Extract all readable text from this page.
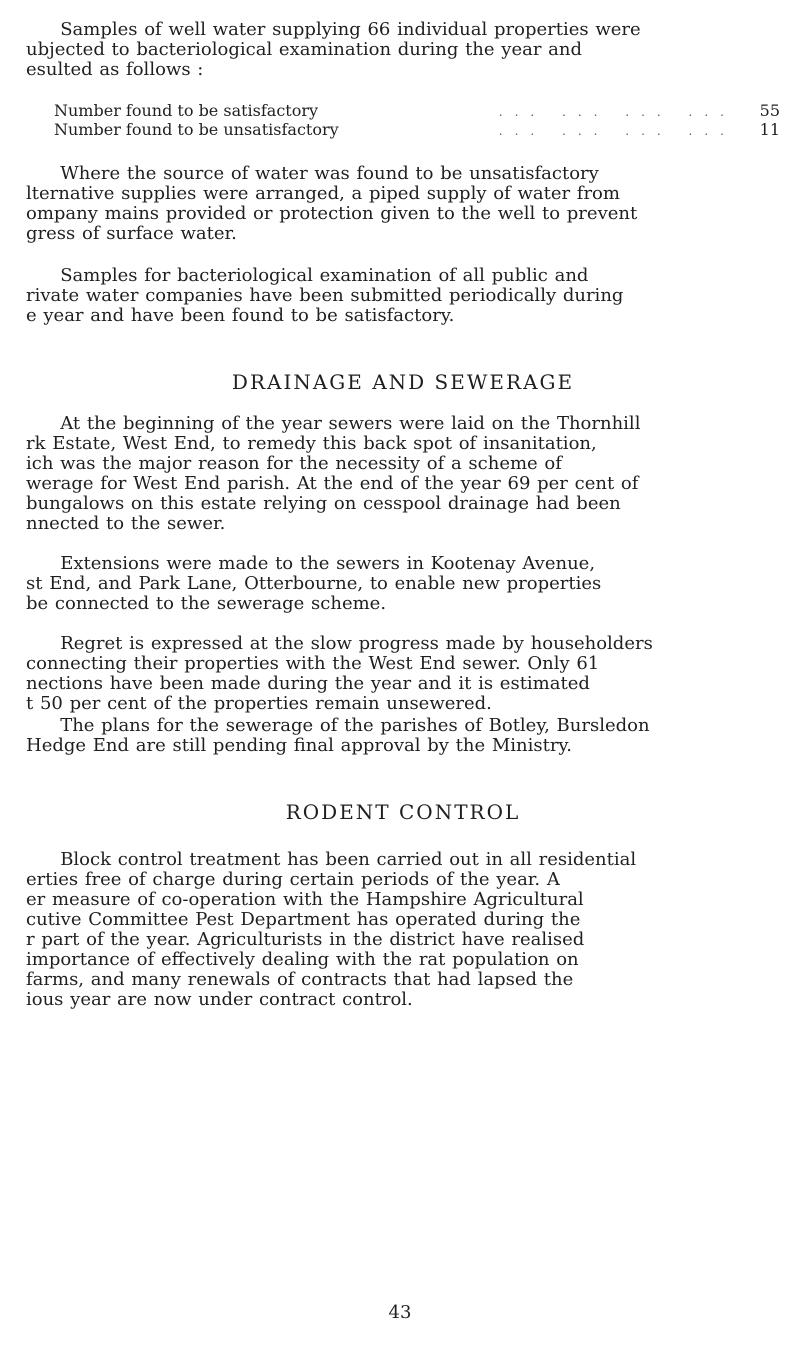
Samples of well water supplying 66 individual properties were
ubjected to bacteriological examination during the year and
esulted as follows :

Number found to be satisfactory	... ... ... ...	55
Number found to be unsatisfactory	... ... ... ...	11

Where the source of water was found to be unsatisfactory
lternative supplies were arranged, a piped supply of water from
ompany mains provided or protection given to the well to prevent
gress of surface water.

Samples for bacteriological examination of all public and
rivate water companies have been submitted periodically during
e year and have been found to be satisfactory.

DRAINAGE AND SEWERAGE

At the beginning of the year sewers were laid on the Thornhill
rk Estate, West End, to remedy this back spot of insanitation,
ich was the major reason for the necessity of a scheme of
werage for West End parish. At the end of the year 69 per cent of
bungalows on this estate relying on cesspool drainage had been
nnected to the sewer.

Extensions were made to the sewers in Kootenay Avenue,
st End, and Park Lane, Otterbourne, to enable new properties
be connected to the sewerage scheme.

Regret is expressed at the slow progress made by householders
connecting their properties with the West End sewer. Only 61
nections have been made during the year and it is estimated
t 50 per cent of the properties remain unsewered.

The plans for the sewerage of the parishes of Botley, Bursledon
Hedge End are still pending final approval by the Ministry.

RODENT CONTROL

Block control treatment has been carried out in all residential
erties free of charge during certain periods of the year. A
er measure of co-operation with the Hampshire Agricultural
cutive Committee Pest Department has operated during the
r part of the year. Agriculturists in the district have realised
importance of effectively dealing with the rat population on
farms, and many renewals of contracts that had lapsed the
ious year are now under contract control.

43
